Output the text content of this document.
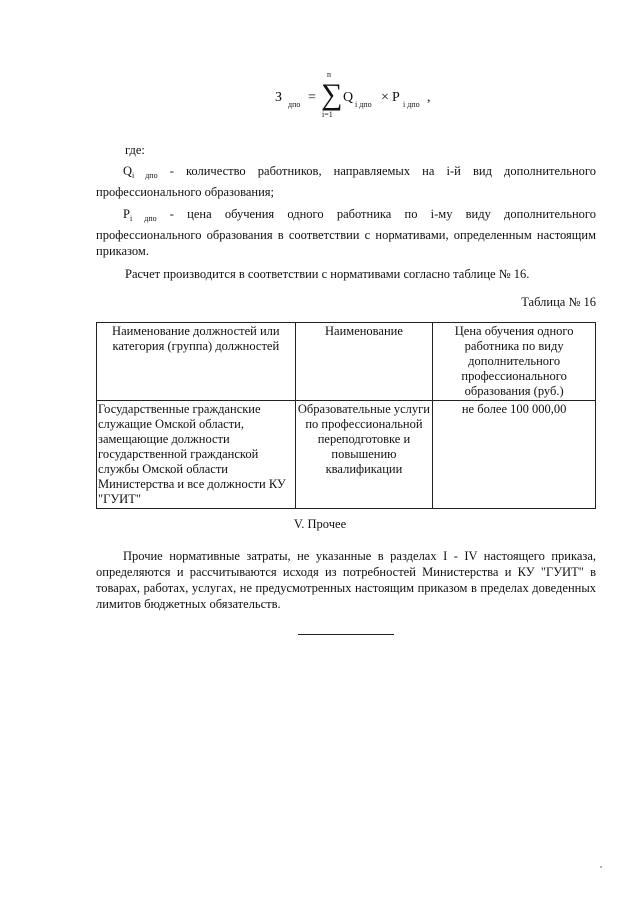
З дпо =
n
∑
i=1
Q i дпо × P i дпо ,
где:
$Q_{i дпо}$ - количество работников, направляемых на i-й вид дополнительного профессионального образования;
$P_{i дпо}$ - цена обучения одного работника по i-му виду дополнительного профессионального образования в соответствии с нормативами, определенным настоящим приказом.
Расчет производится в соответствии с нормативами согласно таблице № 16.
Таблица № 16
Наименование должностей или категория (группа) должностей	Наименование	Цена обучения одного работника по виду дополнительного профессионального образования (руб.)
Государственные гражданские служащие Омской области, замещающие должности государственной гражданской службы Омской области Министерства и все должности КУ "ГУИТ"	Образовательные услуги по профессиональной переподготовке и повышению квалификации	не более 100 000,00
V. Прочее
Прочие нормативные затраты, не указанные в разделах I - IV настоящего приказа, определяются и рассчитываются исходя из потребностей Министерства и КУ "ГУИТ" в товарах, работах, услугах, не предусмотренных настоящим приказом в пределах доведенных лимитов бюджетных обязательств.
